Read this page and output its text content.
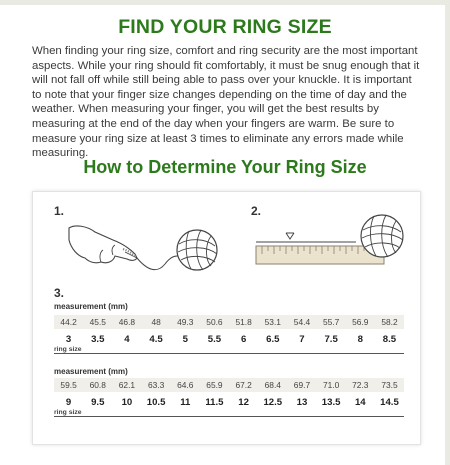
FIND YOUR RING SIZE
When finding your ring size, comfort and ring security are the most important aspects. While your ring should fit comfortably, it must be snug enough that it will not fall off while still being able to pass over your knuckle. It is important to note that your finger size changes depending on the time of day and the weather. When measuring your finger, you will get the best results by measuring at the end of the day when your fingers are warm. Be sure to measure your ring size at least 3 times to eliminate any errors made while measuring.
How to Determine Your Ring Size
1.	2.
3.
measurement (mm)
44.2	45.5	46.8	48	49.3	50.6	51.8	53.1	54.4	55.7	56.9	58.2
3	3.5	4	4.5	5	5.5	6	6.5	7	7.5	8	8.5
ring size
measurement (mm)
59.5	60.8	62.1	63.3	64.6	65.9	67.2	68.4	69.7	71.0	72.3	73.5
9	9.5	10	10.5	11	11.5	12	12.5	13	13.5	14	14.5
ring size
